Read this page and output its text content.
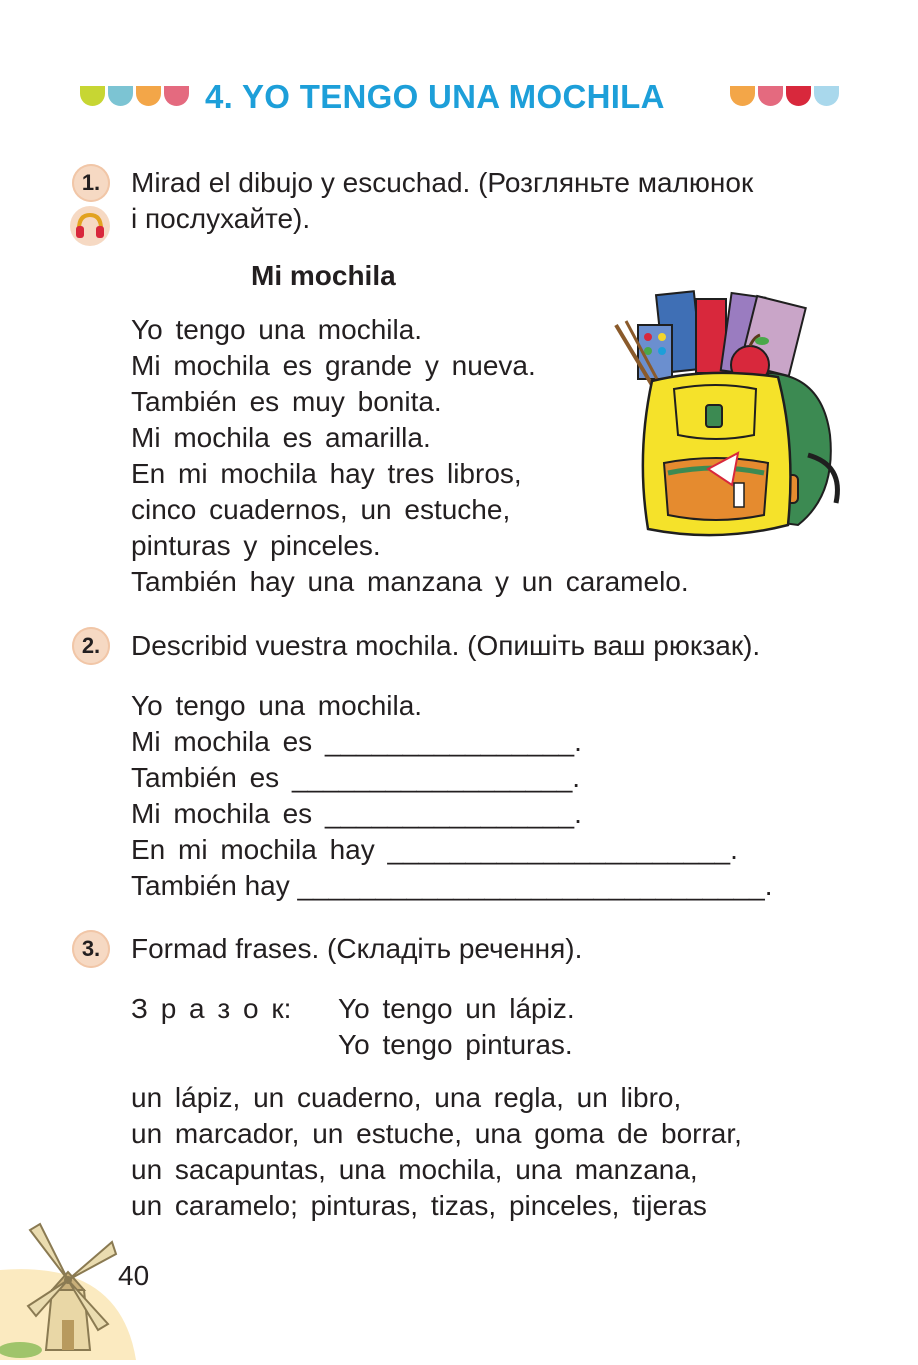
4. YO TENGO UNA MOCHILA
1.	Mirad el dibujo y escuchad. (Розгляньте малюнок
і послухайте).
Mi mochila
Yo tengo una mochila.
Mi mochila es grande y nueva.
También es muy bonita.
Mi mochila es amarilla.
En mi mochila hay tres libros,
cinco cuadernos, un estuche,
pinturas y pinceles.
También hay una manzana y un caramelo.
2.	Describid vuestra mochila. (Опишіть ваш рюкзак).
Yo tengo una mochila.
Mi mochila es ________________.
También es __________________.
Mi mochila es ________________.
En mi mochila hay ______________________.
También hay ______________________________.
3.	Formad frases. (Складіть речення).
З р а з о к: Yo tengo un lápiz.
Yo tengo pinturas.
un lápiz, un cuaderno, una regla, un libro,
un marcador, un estuche, una goma de borrar,
un sacapuntas, una mochila, una manzana,
un caramelo; pinturas, tizas, pinceles, tijeras
40
